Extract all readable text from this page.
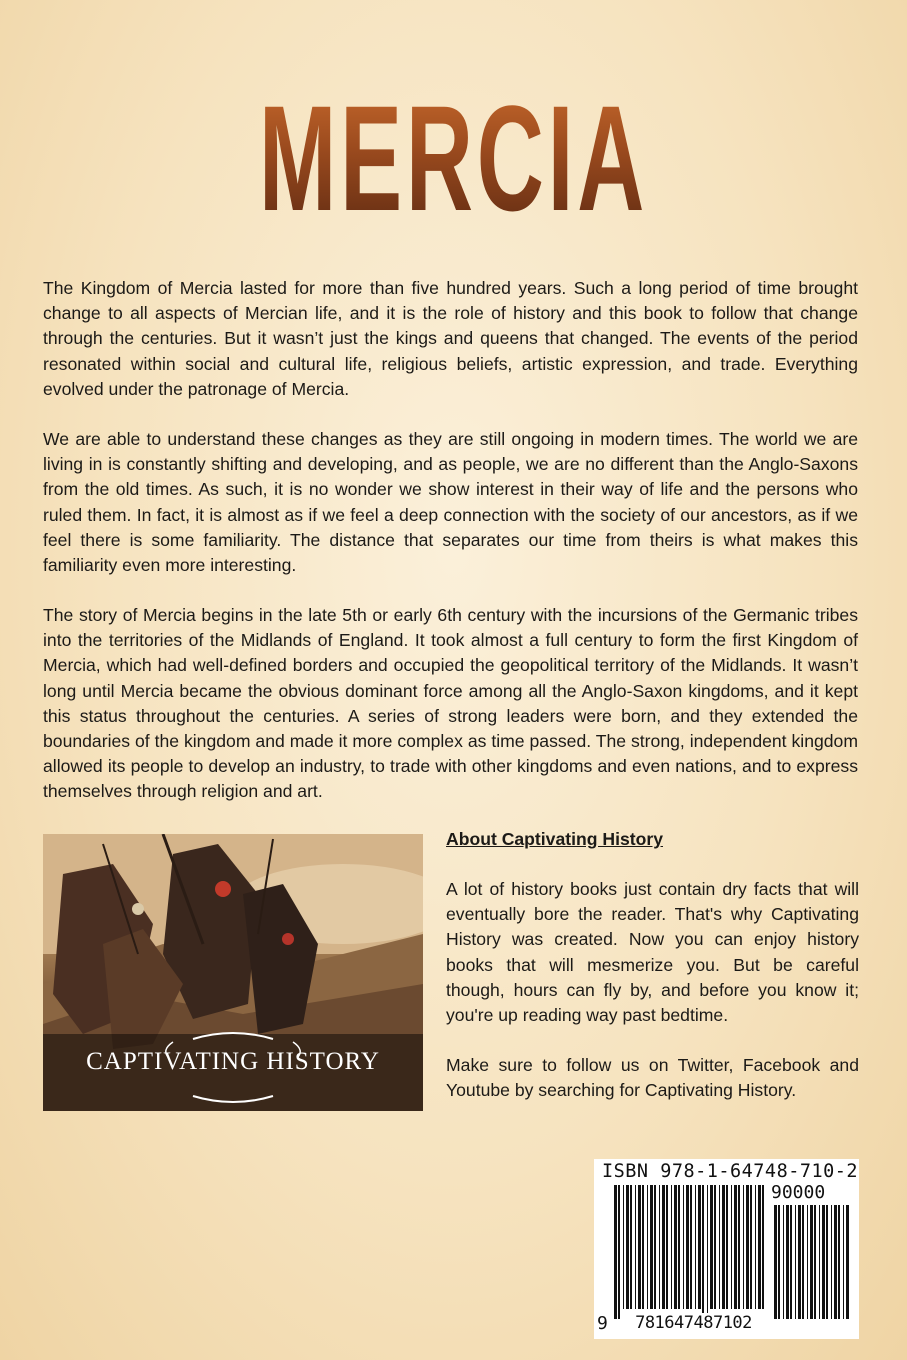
MERCIA

The Kingdom of Mercia lasted for more than five hundred years. Such a long period of time brought change to all aspects of Mercian life, and it is the role of history and this book to follow that change through the centuries. But it wasn’t just the kings and queens that changed. The events of the period resonated within social and cultural life, religious beliefs, artistic expression, and trade. Everything evolved under the patronage of Mercia.

We are able to understand these changes as they are still ongoing in modern times. The world we are living in is constantly shifting and developing, and as people, we are no different than the Anglo-Saxons from the old times. As such, it is no wonder we show interest in their way of life and the persons who ruled them. In fact, it is almost as if we feel a deep connection with the society of our ancestors, as if we feel there is some familiarity. The distance that separates our time from theirs is what makes this familiarity even more interesting.

The story of Mercia begins in the late 5th or early 6th century with the incursions of the Germanic tribes into the territories of the Midlands of England. It took almost a full century to form the first Kingdom of Mercia, which had well-defined borders and occupied the geopolitical territory of the Midlands. It wasn’t long until Mercia became the obvious dominant force among all the Anglo-Saxon kingdoms, and it kept this status throughout the centuries. A series of strong leaders were born, and they extended the boundaries of the kingdom and made it more complex as time passed. The strong, independent kingdom allowed its people to develop an industry, to trade with other kingdoms and even nations, and to express themselves through religion and art.

CAPTIVATING HISTORY
About Captivating History

A lot of history books just contain dry facts that will eventually bore the reader. That's why Captivating History was created. Now you can enjoy history books that will mesmerize you. But be careful though, hours can fly by, and before you know it; you're up reading way past bedtime.

Make sure to follow us on Twitter, Facebook and Youtube by searching for Captivating History.

ISBN 978-1-64748-710-2
90000
9	781647487102
